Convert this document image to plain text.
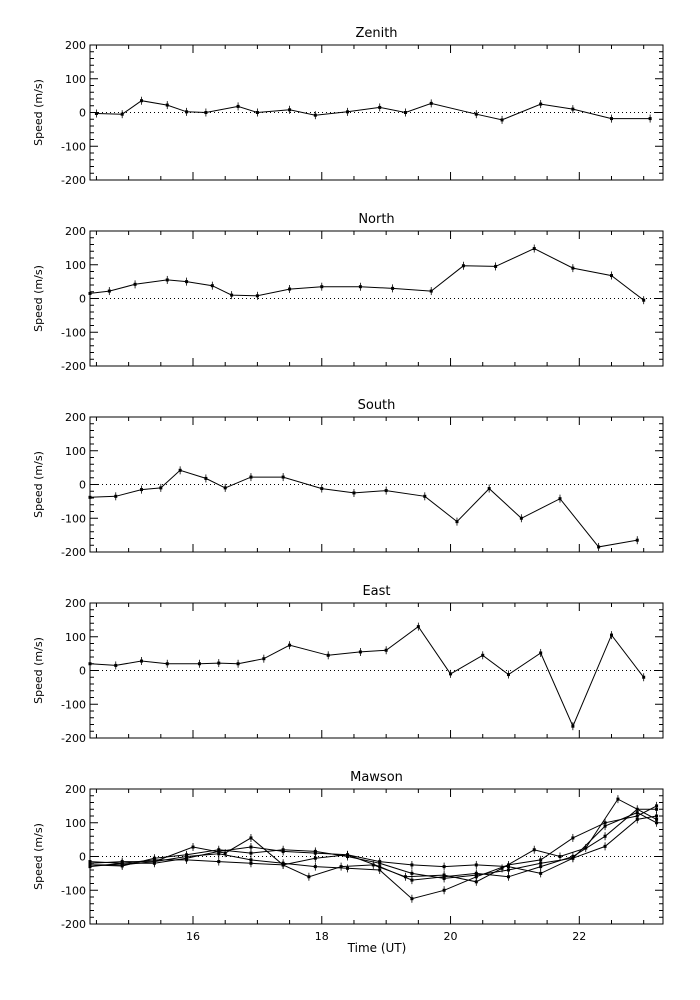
Zenith
Speed (m/s)
200
100
0
-100
-200
North
Speed (m/s)
200
100
0
-100
-200
South
Speed (m/s)
200
100
0
-100
-200
East
Speed (m/s)
200
100
0
-100
-200
Mawson
Speed (m/s)
200
100
0
-100
-200
16	18	20	22
Time (UT)
